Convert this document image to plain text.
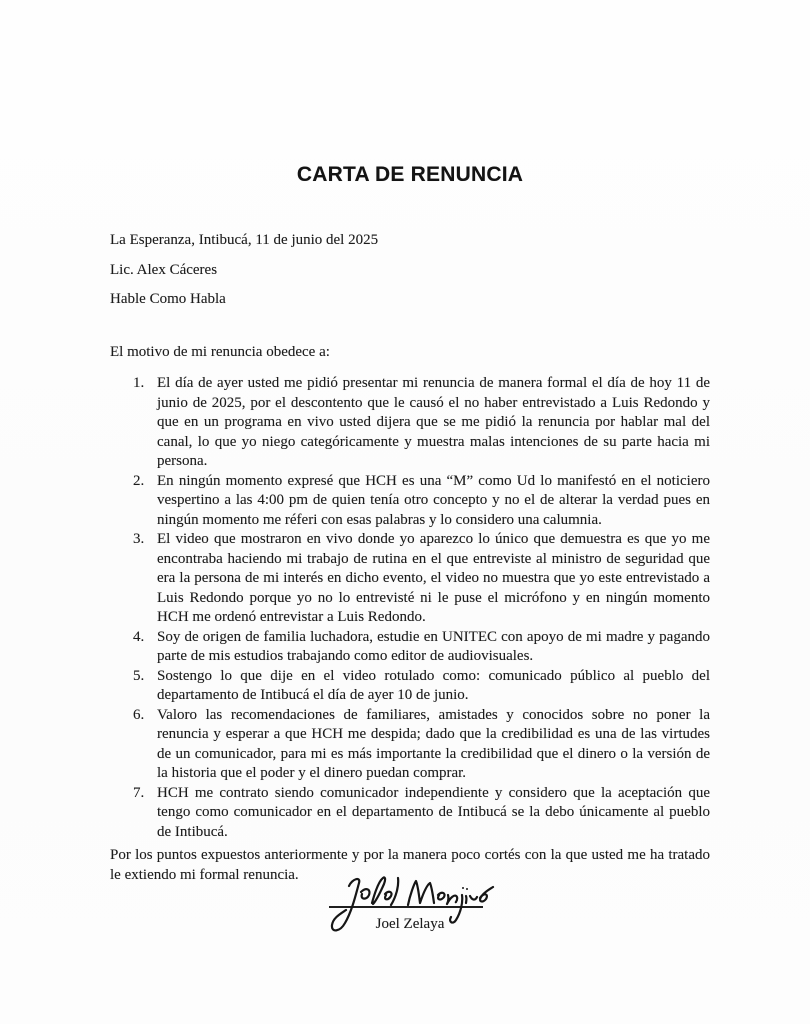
CARTA DE RENUNCIA

La Esperanza, Intibucá, 11 de junio del 2025

Lic. Alex Cáceres

Hable Como Habla

El motivo de mi renuncia obedece a:

El día de ayer usted me pidió presentar mi renuncia de manera formal el día de hoy 11 de junio de 2025, por el descontento que le causó el no haber entrevistado a Luis Redondo y que en un programa en vivo usted dijera que se me pidió la renuncia por hablar mal del canal, lo que yo niego categóricamente y muestra malas intenciones de su parte hacia mi persona.
En ningún momento expresé que HCH es una “M” como Ud lo manifestó en el noticiero vespertino a las 4:00 pm de quien tenía otro concepto y no el de alterar la verdad pues en ningún momento me réferi con esas palabras y lo considero una calumnia.
El video que mostraron en vivo donde yo aparezco lo único que demuestra es que yo me encontraba haciendo mi trabajo de rutina en el que entreviste al ministro de seguridad que era la persona de mi interés en dicho evento, el video no muestra que yo este entrevistado a Luis Redondo porque yo no lo entrevisté ni le puse el micrófono y en ningún momento HCH me ordenó entrevistar a Luis Redondo.
Soy de origen de familia luchadora, estudie en UNITEC con apoyo de mi madre y pagando parte de mis estudios trabajando como editor de audiovisuales.
Sostengo lo que dije en el video rotulado como: comunicado público al pueblo del departamento de Intibucá el día de ayer 10 de junio.
Valoro las recomendaciones de familiares, amistades y conocidos sobre no poner la renuncia y esperar a que HCH me despida; dado que la credibilidad es una de las virtudes de un comunicador, para mi es más importante la credibilidad que el dinero o la versión de la historia que el poder y el dinero puedan comprar.
HCH me contrato siendo comunicador independiente y considero que la aceptación que tengo como comunicador en el departamento de Intibucá se la debo únicamente al pueblo de Intibucá.

Por los puntos expuestos anteriormente y por la manera poco cortés con la que usted me ha tratado le extiendo mi formal renuncia.

Joel Zelaya
